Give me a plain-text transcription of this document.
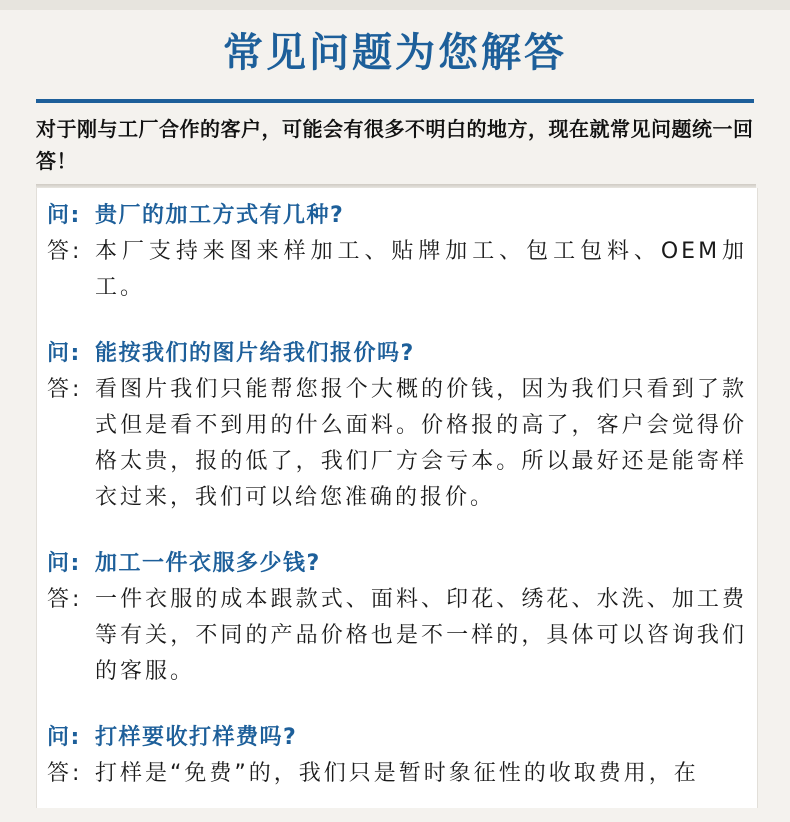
常见问题为您解答
对于刚与工厂合作的客户，可能会有很多不明白的地方，现在就常见问题统一回答！
问: 贵厂的加工方式有几种?
答: 本厂支持来图来样加工、贴牌加工、包工包料、OEM加工。
问: 能按我们的图片给我们报价吗?
答: 看图片我们只能帮您报个大概的价钱，因为我们只看到了款式但是看不到用的什么面料。价格报的高了，客户会觉得价格太贵，报的低了，我们厂方会亏本。所以最好还是能寄样衣过来，我们可以给您准确的报价。
问: 加工一件衣服多少钱?
答: 一件衣服的成本跟款式、面料、印花、绣花、水洗、加工费等有关，不同的产品价格也是不一样的，具体可以咨询我们的客服。
问: 打样要收打样费吗?
答: 打样是“免费”的，我们只是暂时象征性的收取费用，在
